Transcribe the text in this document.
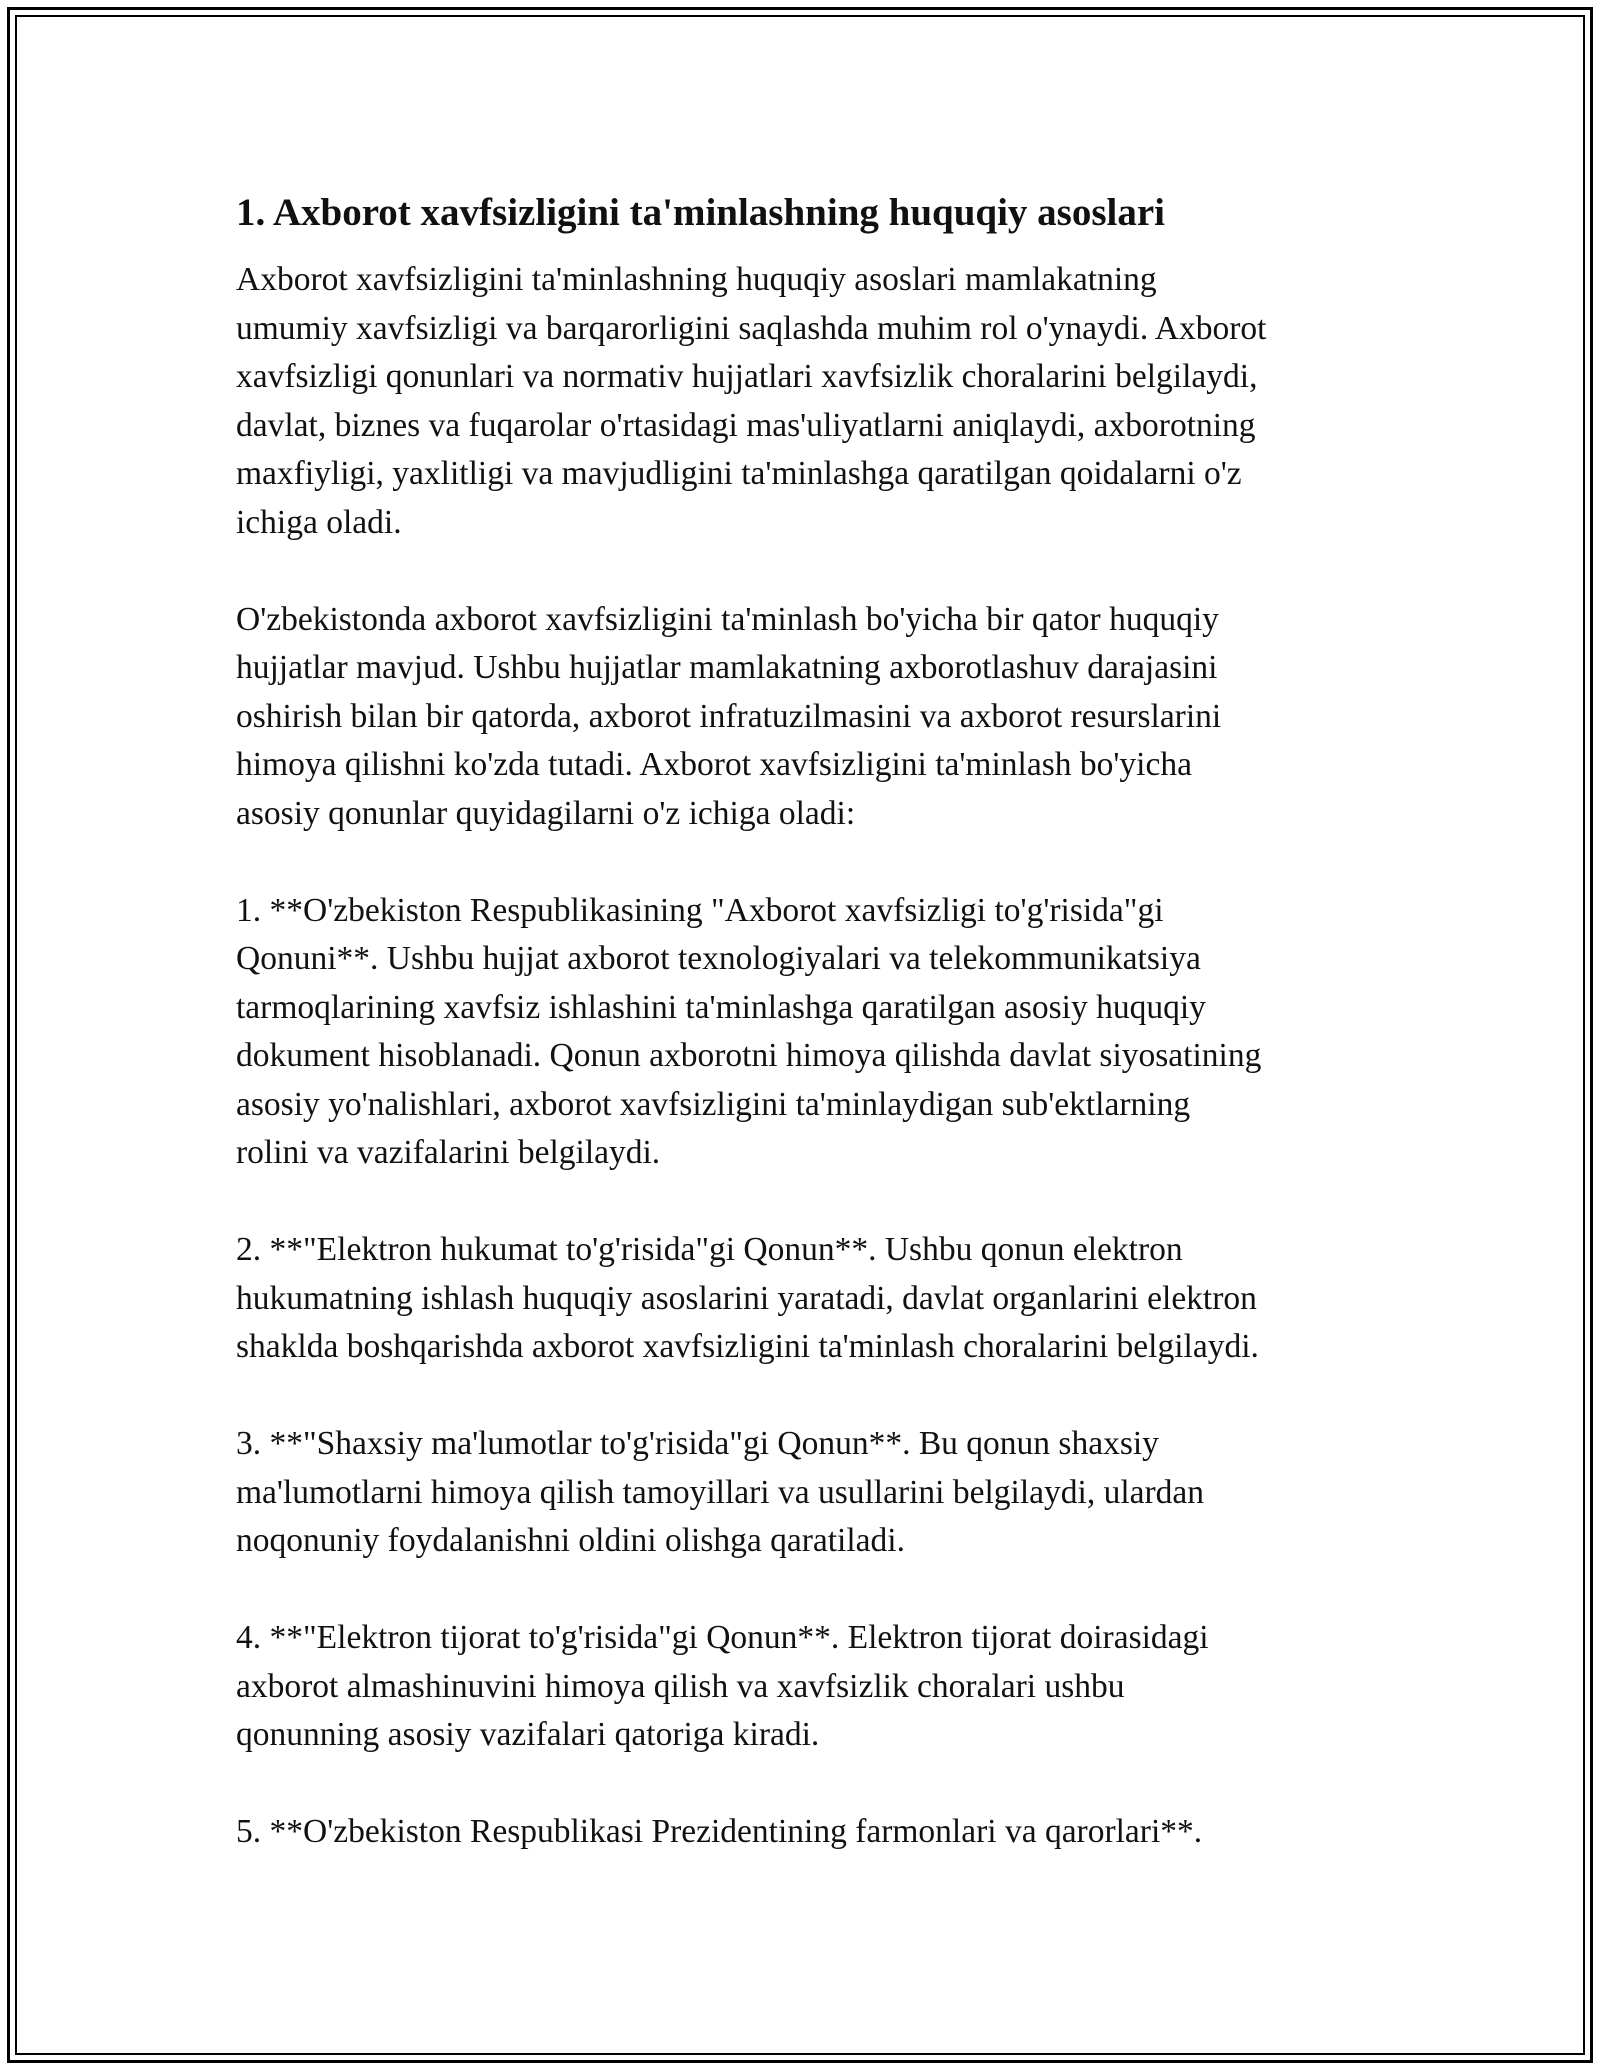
1. Axborot xavfsizligini ta'minlashning huquqiy asoslari

Axborot xavfsizligini ta'minlashning huquqiy asoslari mamlakatning
umumiy xavfsizligi va barqarorligini saqlashda muhim rol o'ynaydi. Axborot
xavfsizligi qonunlari va normativ hujjatlari xavfsizlik choralarini belgilaydi,
davlat, biznes va fuqarolar o'rtasidagi mas'uliyatlarni aniqlaydi, axborotning
maxfiyligi, yaxlitligi va mavjudligini ta'minlashga qaratilgan qoidalarni o'z
ichiga oladi.

O'zbekistonda axborot xavfsizligini ta'minlash bo'yicha bir qator huquqiy
hujjatlar mavjud. Ushbu hujjatlar mamlakatning axborotlashuv darajasini
oshirish bilan bir qatorda, axborot infratuzilmasini va axborot resurslarini
himoya qilishni ko'zda tutadi. Axborot xavfsizligini ta'minlash bo'yicha
asosiy qonunlar quyidagilarni o'z ichiga oladi:

1. **O'zbekiston Respublikasining "Axborot xavfsizligi to'g'risida"gi
Qonuni**. Ushbu hujjat axborot texnologiyalari va telekommunikatsiya
tarmoqlarining xavfsiz ishlashini ta'minlashga qaratilgan asosiy huquqiy
dokument hisoblanadi. Qonun axborotni himoya qilishda davlat siyosatining
asosiy yo'nalishlari, axborot xavfsizligini ta'minlaydigan sub'ektlarning
rolini va vazifalarini belgilaydi.

2. **"Elektron hukumat to'g'risida"gi Qonun**. Ushbu qonun elektron
hukumatning ishlash huquqiy asoslarini yaratadi, davlat organlarini elektron
shaklda boshqarishda axborot xavfsizligini ta'minlash choralarini belgilaydi.

3. **"Shaxsiy ma'lumotlar to'g'risida"gi Qonun**. Bu qonun shaxsiy
ma'lumotlarni himoya qilish tamoyillari va usullarini belgilaydi, ulardan
noqonuniy foydalanishni oldini olishga qaratiladi.

4. **"Elektron tijorat to'g'risida"gi Qonun**. Elektron tijorat doirasidagi
axborot almashinuvini himoya qilish va xavfsizlik choralari ushbu
qonunning asosiy vazifalari qatoriga kiradi.

5. **O'zbekiston Respublikasi Prezidentining farmonlari va qarorlari**.
